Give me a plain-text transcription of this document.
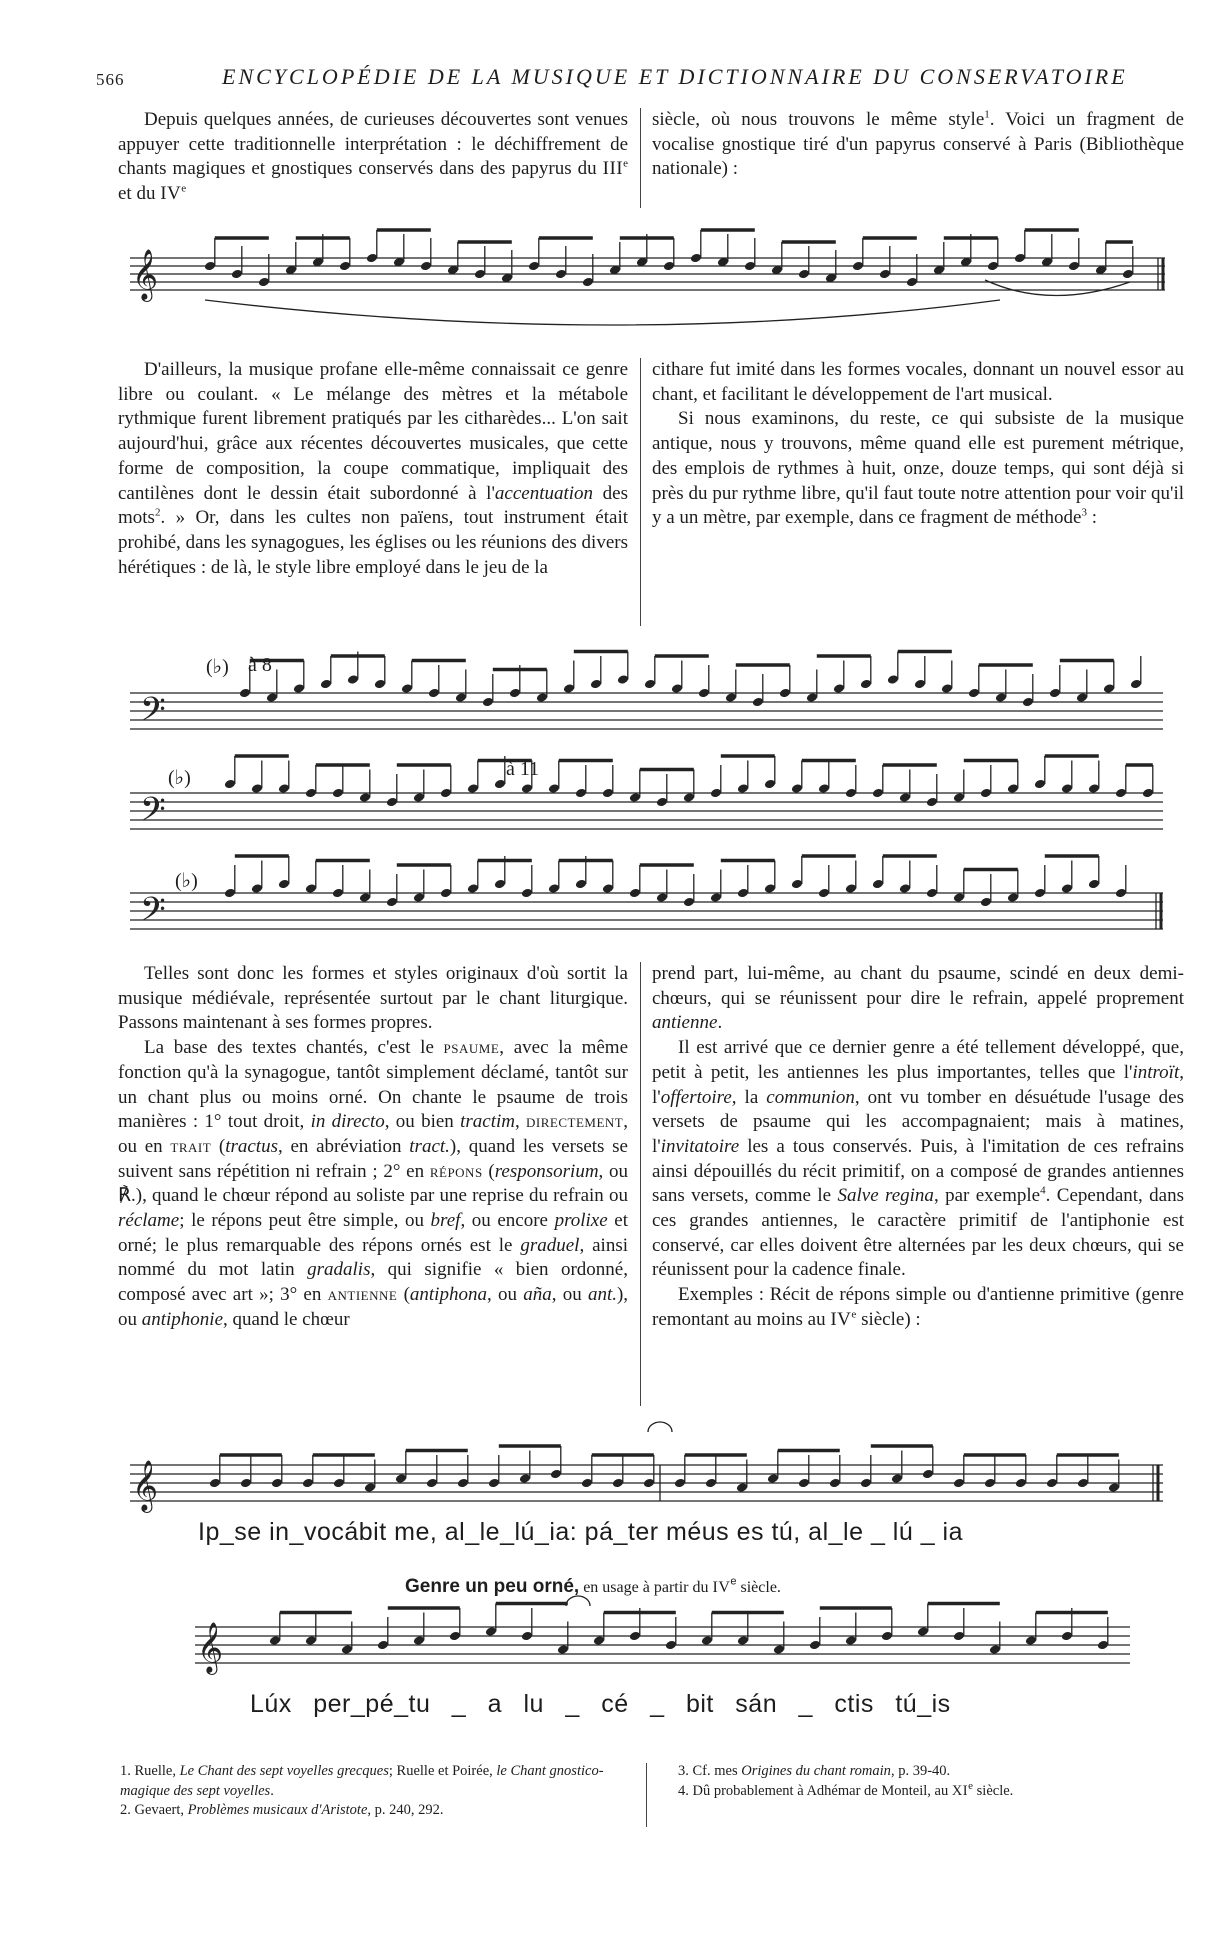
566	ENCYCLOPÉDIE DE LA MUSIQUE ET DICTIONNAIRE DU CONSERVATOIRE

Depuis quelques années, de curieuses découvertes sont venues appuyer cette traditionnelle interprétation : le déchiffrement de chants magiques et gnostiques conservés dans des papyrus du IIIe et du IVe

siècle, où nous trouvons le même style$^1$. Voici un fragment de vocalise gnostique tiré d'un papyrus conservé à Paris (Bibliothèque nationale) :

𝄞
𝄢
𝄢
𝄢
𝄞
𝄞

D'ailleurs, la musique profane elle-même connaissait ce genre libre ou coulant. « Le mélange des mètres et la métabole rythmique furent librement pratiqués par les citharèdes... L'on sait aujourd'hui, grâce aux récentes découvertes musicales, que cette forme de composition, la coupe commatique, impliquait des cantilènes dont le dessin était subordonné à l'accentuation des mots$^2$. » Or, dans les cultes non païens, tout instrument était prohibé, dans les synagogues, les églises ou les réunions des divers hérétiques : de là, le style libre employé dans le jeu de la

cithare fut imité dans les formes vocales, donnant un nouvel essor au chant, et facilitant le développement de l'art musical.

Si nous examinons, du reste, ce qui subsiste de la musique antique, nous y trouvons, même quand elle est purement métrique, des emplois de rythmes à huit, onze, douze temps, qui sont déjà si près du pur rythme libre, qu'il faut toute notre attention pour voir qu'il y a un mètre, par exemple, dans ce fragment de méthode$^3$ :

(♭) à 8
(♭)	à 11
(♭)

Telles sont donc les formes et styles originaux d'où sortit la musique médiévale, représentée surtout par le chant liturgique. Passons maintenant à ses formes propres.

La base des textes chantés, c'est le psaume, avec la même fonction qu'à la synagogue, tantôt simplement déclamé, tantôt sur un chant plus ou moins orné. On chante le psaume de trois manières : 1° tout droit, in directo, ou bien tractim, directement, ou en trait (tractus, en abréviation tract.), quand les versets se suivent sans répétition ni refrain ; 2° en répons (responsorium, ou ℟.), quand le chœur répond au soliste par une reprise du refrain ou réclame; le répons peut être simple, ou bref, ou encore prolixe et orné; le plus remarquable des répons ornés est le graduel, ainsi nommé du mot latin gradalis, qui signifie « bien ordonné, composé avec art »; 3° en antienne (antiphona, ou aña, ou ant.), ou antiphonie, quand le chœur

prend part, lui-même, au chant du psaume, scindé en deux demi-chœurs, qui se réunissent pour dire le refrain, appelé proprement antienne.

Il est arrivé que ce dernier genre a été tellement développé, que, petit à petit, les antiennes les plus importantes, telles que l'introït, l'offertoire, la communion, ont vu tomber en désuétude l'usage des versets de psaume qui les accompagnaient; mais à matines, l'invitatoire les a tous conservés. Puis, à l'imitation de ces refrains ainsi dépouillés du récit primitif, on a composé de grandes antiennes sans versets, comme le Salve regina, par exemple$^4$. Cependant, dans ces grandes antiennes, le caractère primitif de l'antiphonie est conservé, car elles doivent être alternées par les deux chœurs, qui se réunissent pour la cadence finale.

Exemples : Récit de répons simple ou d'antienne primitive (genre remontant au moins au IVe siècle) :

Ip_se in_vocábit me, al_le_lú_ia: pá_ter méus es tú, al_le _ lú _ ia
Genre un peu orné, en usage à partir du IVe siècle.
Lúx per_pé_tu _ a lu _ cé _ bit sán _ ctis tú_is

1. Ruelle, Le Chant des sept voyelles grecques; Ruelle et Poirée, le Chant gnostico-magique des sept voyelles.

2. Gevaert, Problèmes musicaux d'Aristote, p. 240, 292.

3. Cf. mes Origines du chant romain, p. 39-40.

4. Dû probablement à Adhémar de Monteil, au XIe siècle.
